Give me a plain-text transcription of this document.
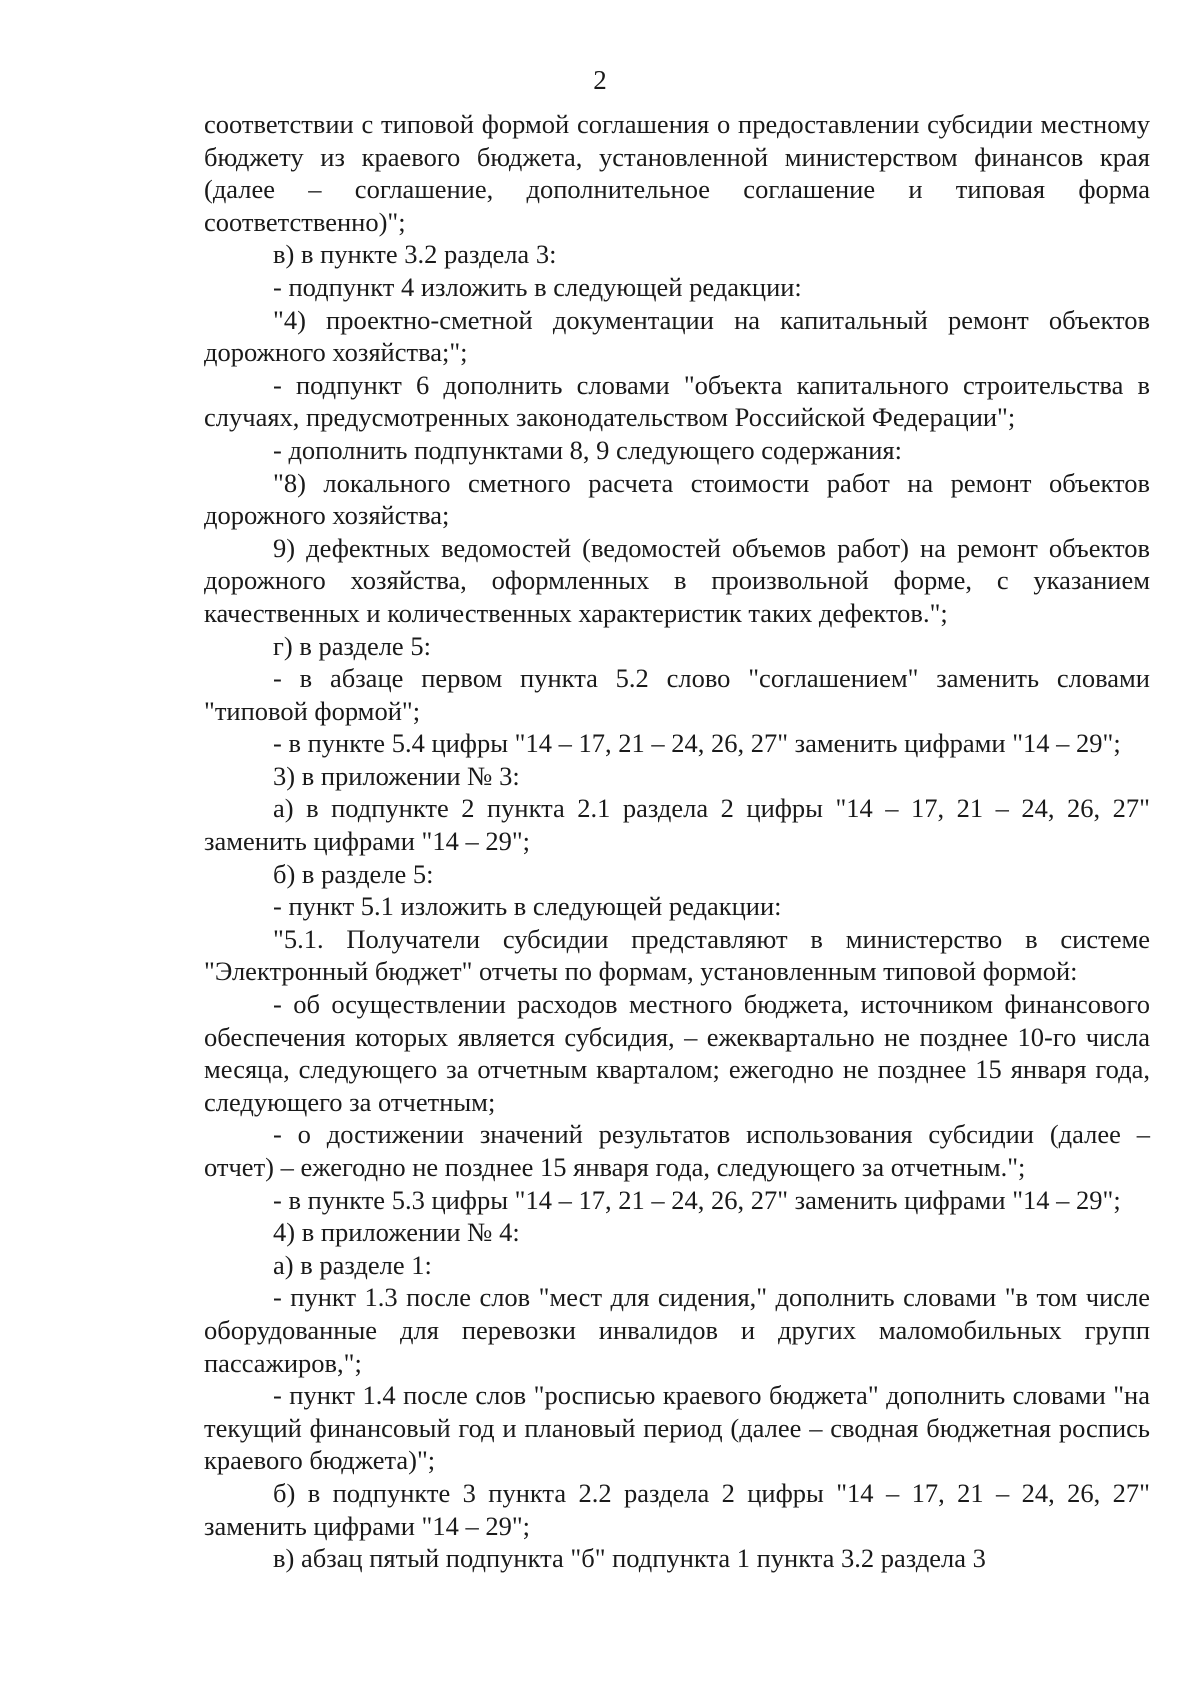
2

соответствии с типовой формой соглашения о предоставлении субсидии местному бюджету из краевого бюджета, установленной министерством финансов края (далее – соглашение, дополнительное соглашение и типовая форма соответственно)";

в) в пункте 3.2 раздела 3:

- подпункт 4 изложить в следующей редакции:

"4) проектно-сметной документации на капитальный ремонт объектов дорожного хозяйства;";

- подпункт 6 дополнить словами "объекта капитального строительства в случаях, предусмотренных законодательством Российской Федерации";

- дополнить подпунктами 8, 9 следующего содержания:

"8) локального сметного расчета стоимости работ на ремонт объектов дорожного хозяйства;

9) дефектных ведомостей (ведомостей объемов работ) на ремонт объектов дорожного хозяйства, оформленных в произвольной форме, с указанием качественных и количественных характеристик таких дефектов.";

г) в разделе 5:

- в абзаце первом пункта 5.2 слово "соглашением" заменить словами "типовой формой";

- в пункте 5.4 цифры "14 – 17, 21 – 24, 26, 27" заменить цифрами "14 – 29";

3) в приложении № 3:

а) в подпункте 2 пункта 2.1 раздела 2 цифры "14 – 17, 21 – 24, 26, 27" заменить цифрами "14 – 29";

б) в разделе 5:

- пункт 5.1 изложить в следующей редакции:

"5.1. Получатели субсидии представляют в министерство в системе "Электронный бюджет" отчеты по формам, установленным типовой формой:

- об осуществлении расходов местного бюджета, источником финансового обеспечения которых является субсидия, – ежеквартально не позднее 10-го числа месяца, следующего за отчетным кварталом; ежегодно не позднее 15 января года, следующего за отчетным;

- о достижении значений результатов использования субсидии (далее – отчет) – ежегодно не позднее 15 января года, следующего за отчетным.";

- в пункте 5.3 цифры "14 – 17, 21 – 24, 26, 27" заменить цифрами "14 – 29";

4) в приложении № 4:

а) в разделе 1:

- пункт 1.3 после слов "мест для сидения," дополнить словами "в том числе оборудованные для перевозки инвалидов и других маломобильных групп пассажиров,";

- пункт 1.4 после слов "росписью краевого бюджета" дополнить словами "на текущий финансовый год и плановый период (далее – сводная бюджетная роспись краевого бюджета)";

б) в подпункте 3 пункта 2.2 раздела 2 цифры "14 – 17, 21 – 24, 26, 27" заменить цифрами "14 – 29";

в) абзац пятый подпункта "б" подпункта 1 пункта 3.2 раздела 3
